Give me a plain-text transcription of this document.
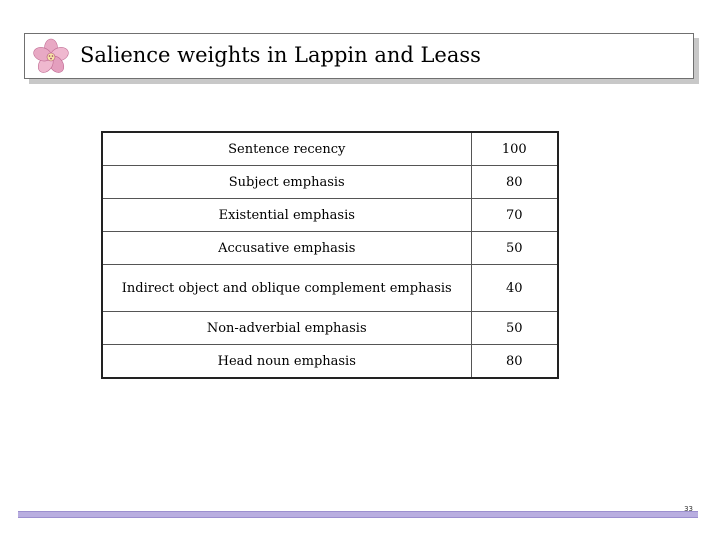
Salience weights in Lappin and Leass
Sentence recency	100
Subject emphasis	80
Existential emphasis	70
Accusative emphasis	50
Indirect object and oblique complement emphasis	40
Non-adverbial emphasis	50
Head noun emphasis	80
33
